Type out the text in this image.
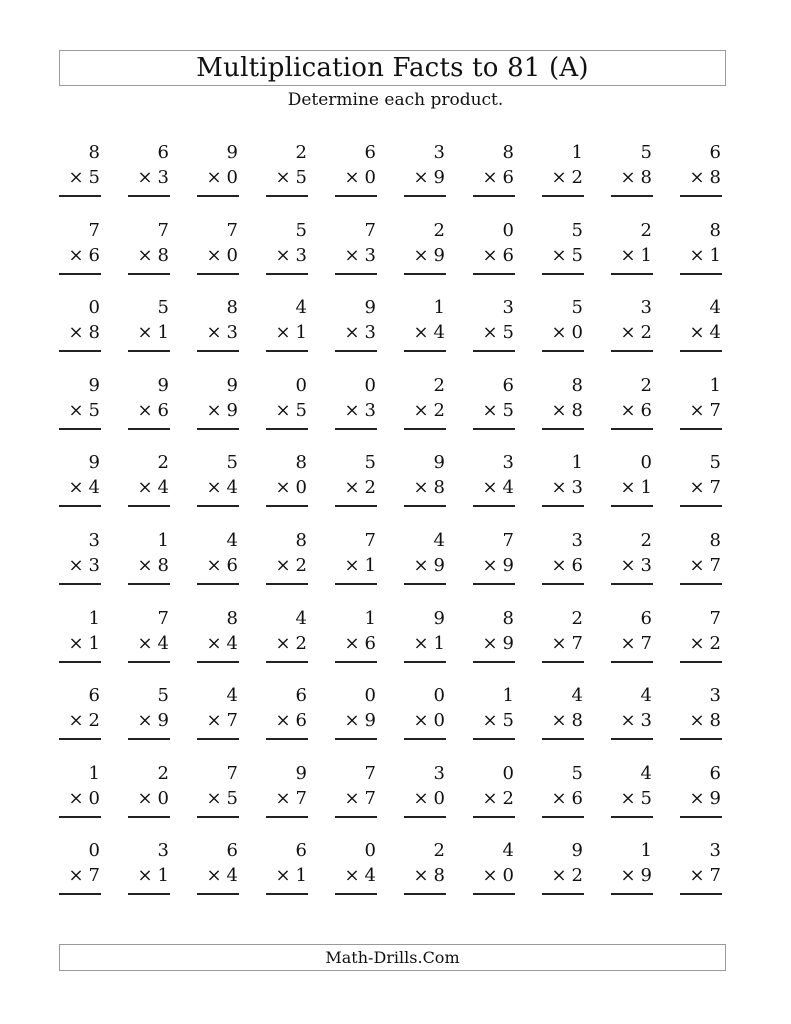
Multiplication Facts to 81 (A)
Determine each product.
8
× 5
6
× 3
9
× 0
2
× 5
6
× 0
3
× 9
8
× 6
1
× 2
5
× 8
6
× 8
7
× 6
7
× 8
7
× 0
5
× 3
7
× 3
2
× 9
0
× 6
5
× 5
2
× 1
8
× 1
0
× 8
5
× 1
8
× 3
4
× 1
9
× 3
1
× 4
3
× 5
5
× 0
3
× 2
4
× 4
9
× 5
9
× 6
9
× 9
0
× 5
0
× 3
2
× 2
6
× 5
8
× 8
2
× 6
1
× 7
9
× 4
2
× 4
5
× 4
8
× 0
5
× 2
9
× 8
3
× 4
1
× 3
0
× 1
5
× 7
3
× 3
1
× 8
4
× 6
8
× 2
7
× 1
4
× 9
7
× 9
3
× 6
2
× 3
8
× 7
1
× 1
7
× 4
8
× 4
4
× 2
1
× 6
9
× 1
8
× 9
2
× 7
6
× 7
7
× 2
6
× 2
5
× 9
4
× 7
6
× 6
0
× 9
0
× 0
1
× 5
4
× 8
4
× 3
3
× 8
1
× 0
2
× 0
7
× 5
9
× 7
7
× 7
3
× 0
0
× 2
5
× 6
4
× 5
6
× 9
0
× 7
3
× 1
6
× 4
6
× 1
0
× 4
2
× 8
4
× 0
9
× 2
1
× 9
3
× 7
Math-Drills.Com
